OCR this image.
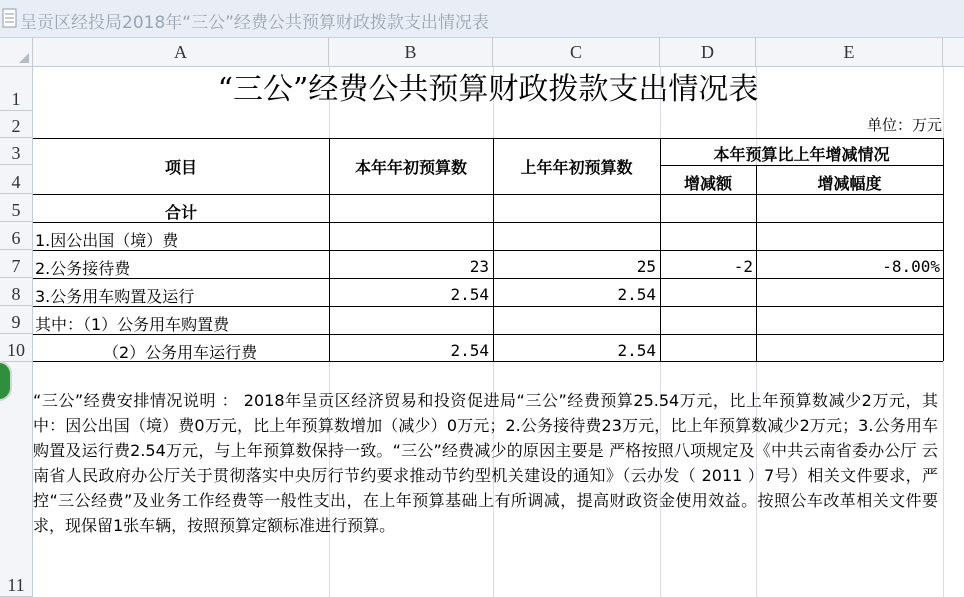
呈贡区经投局2018年“三公”经费公共预算财政拨款支出情况表
A	B	C	D	E
1
2
3
4
5
6
7
8
9
10
11
“三公”经费公共预算财政拨款支出情况表
单位：万元
项目	本年年初预算数	上年年初预算数
本年预算比上年增减情况
增减额	增减幅度
合计
1.因公出国（境）费
2.公务接待费	23	25	-2	-8.00%
3.公务用车购置及运行	2.54	2.54
其中：（1）公务用车购置费
（2）公务用车运行费	2.54	2.54
“三公”经费安排情况说明 ： 2018年呈贡区经济贸易和投资促进局“三公”经费预算25.54万元，比上年预算数减少2万元，其中：因公出国（境）费0万元，比上年预算数增加（减少）0万元；2.公务接待费23万元，比上年预算数减少2万元；3.公务用车购置及运行费2.54万元，与上年预算数保持一致。“三公”经费减少的原因主要是 严格按照八项规定及《中共云南省委办公厅 云南省人民政府办公厅关于贯彻落实中央厉行节约要求推动节约型机关建设的通知》（云办发（ 2011 ）7号）相关文件要求，严控“三公经费”及业务工作经费等一般性支出，在上年预算基础上有所调减，提高财政资金使用效益。按照公车改革相关文件要求，现保留1张车辆，按照预算定额标准进行预算。
